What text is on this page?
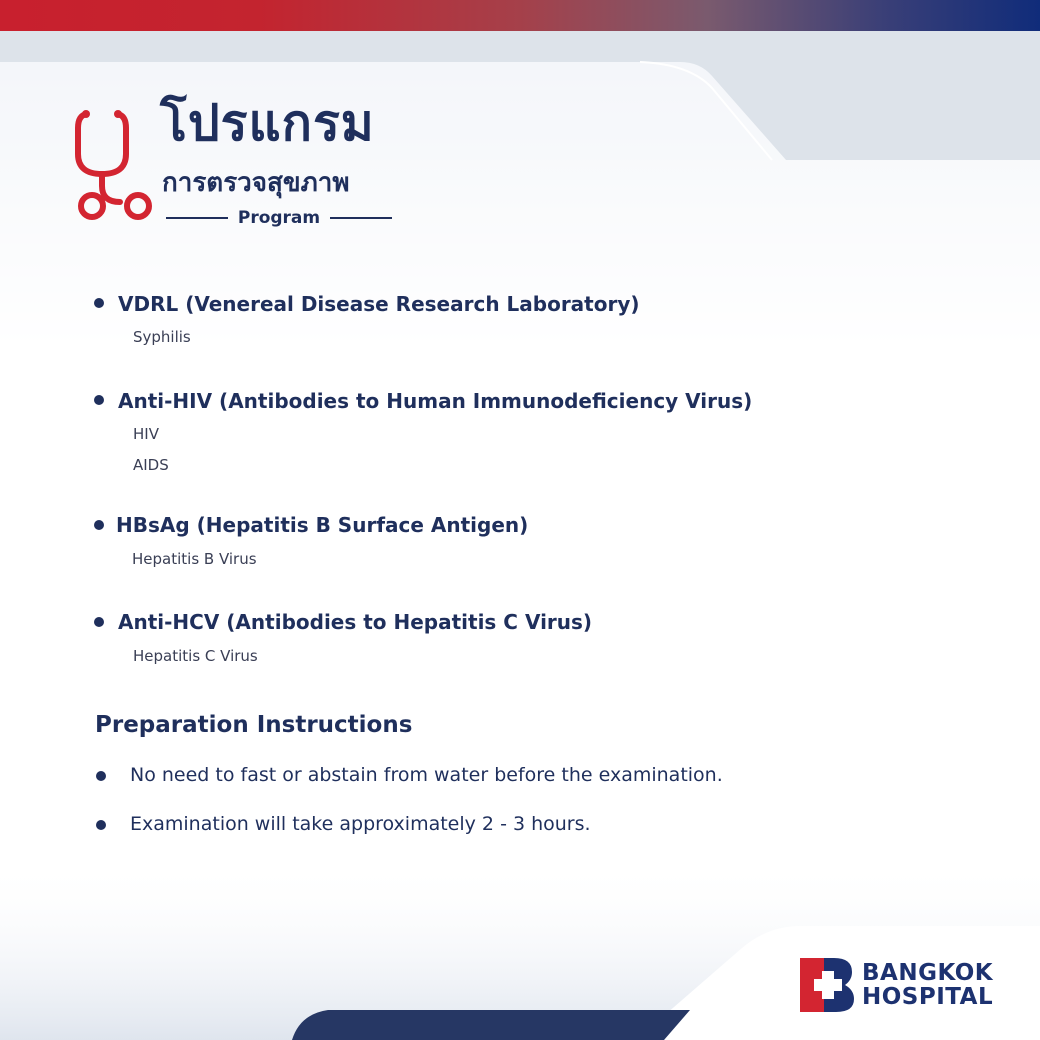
โปรแกรม
การตรวจสุขภาพ
Program

VDRL (Venereal Disease Research Laboratory)

Syphilis

Anti-HIV (Antibodies to Human Immunodeficiency Virus)

HIV
AIDS

HBsAg (Hepatitis B Surface Antigen)

Hepatitis B Virus

Anti-HCV (Antibodies to Hepatitis C Virus)

Hepatitis C Virus
Preparation Instructions
No need to fast or abstain from water before the examination.
Examination will take approximately 2 - 3 hours.
BANGKOK
HOSPITAL
